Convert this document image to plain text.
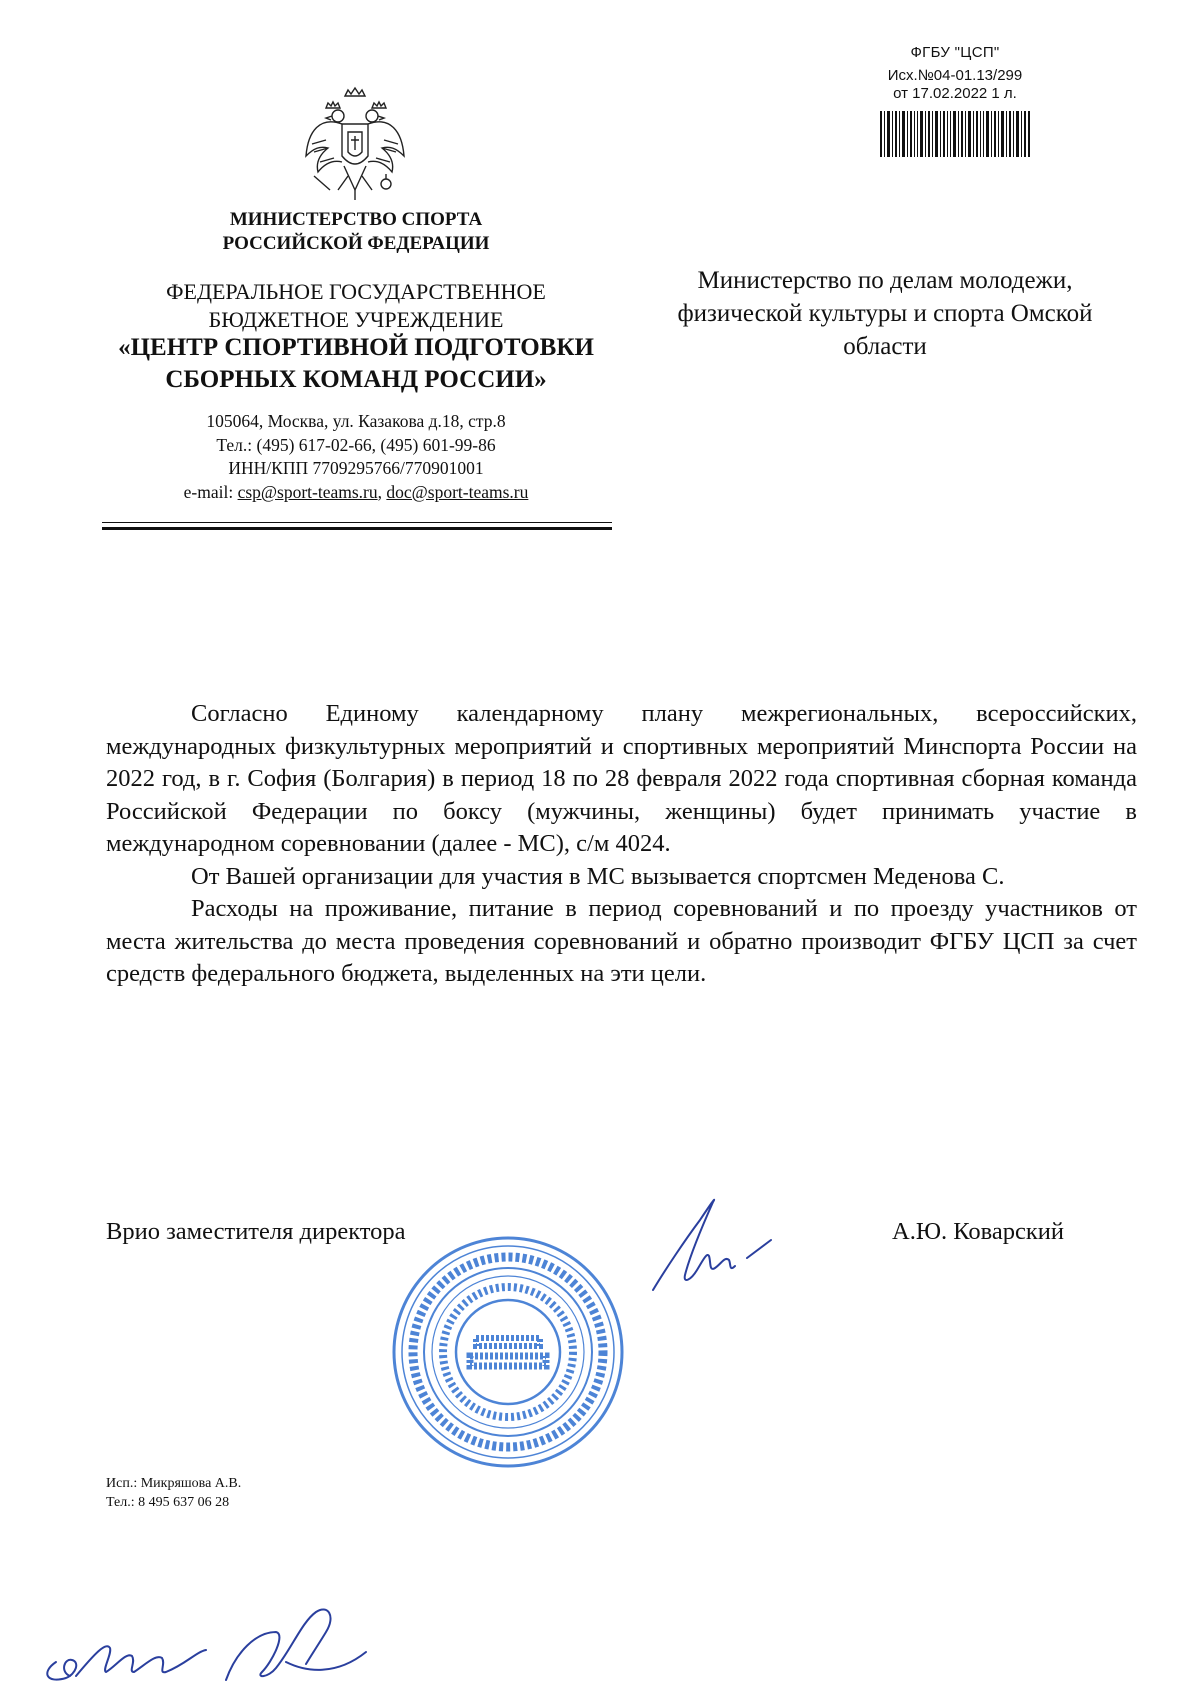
ФГБУ "ЦСП"
Исх.№04-01.13/299
от 17.02.2022 1 л.
МИНИСТЕРСТВО СПОРТА
РОССИЙСКОЙ ФЕДЕРАЦИИ
ФЕДЕРАЛЬНОЕ ГОСУДАРСТВЕННОЕ
БЮДЖЕТНОЕ УЧРЕЖДЕНИЕ
«ЦЕНТР СПОРТИВНОЙ ПОДГОТОВКИ
СБОРНЫХ КОМАНД РОССИИ»
105064, Москва, ул. Казакова д.18, стр.8
Тел.: (495) 617-02-66, (495) 601-99-86
ИНН/КПП 7709295766/770901001
e-mail: csp@sport-teams.ru, doc@sport-teams.ru
Министерство по делам молодежи,
физической культуры и спорта Омской
области

Согласно Единому календарному плану межрегиональных, всероссийских, международных физкультурных мероприятий и спортивных мероприятий Минспорта России на 2022 год, в г. София (Болгария) в период 18 по 28 февраля 2022 года спортивная сборная команда Российской Федерации по боксу (мужчины, женщины) будет принимать участие в международном соревновании (далее - МС), с/м 4024.

От Вашей организации для участия в МС вызывается спортсмен Меденова С.

Расходы на проживание, питание в период соревнований и по проезду участников от места жительства до места проведения соревнований и обратно производит ФГБУ ЦСП за счет средств федерального бюджета, выделенных на эти цели.

Врио заместителя директора	А.Ю. Коварский
Исп.: Микряшова А.В.
Тел.: 8 495 637 06 28
